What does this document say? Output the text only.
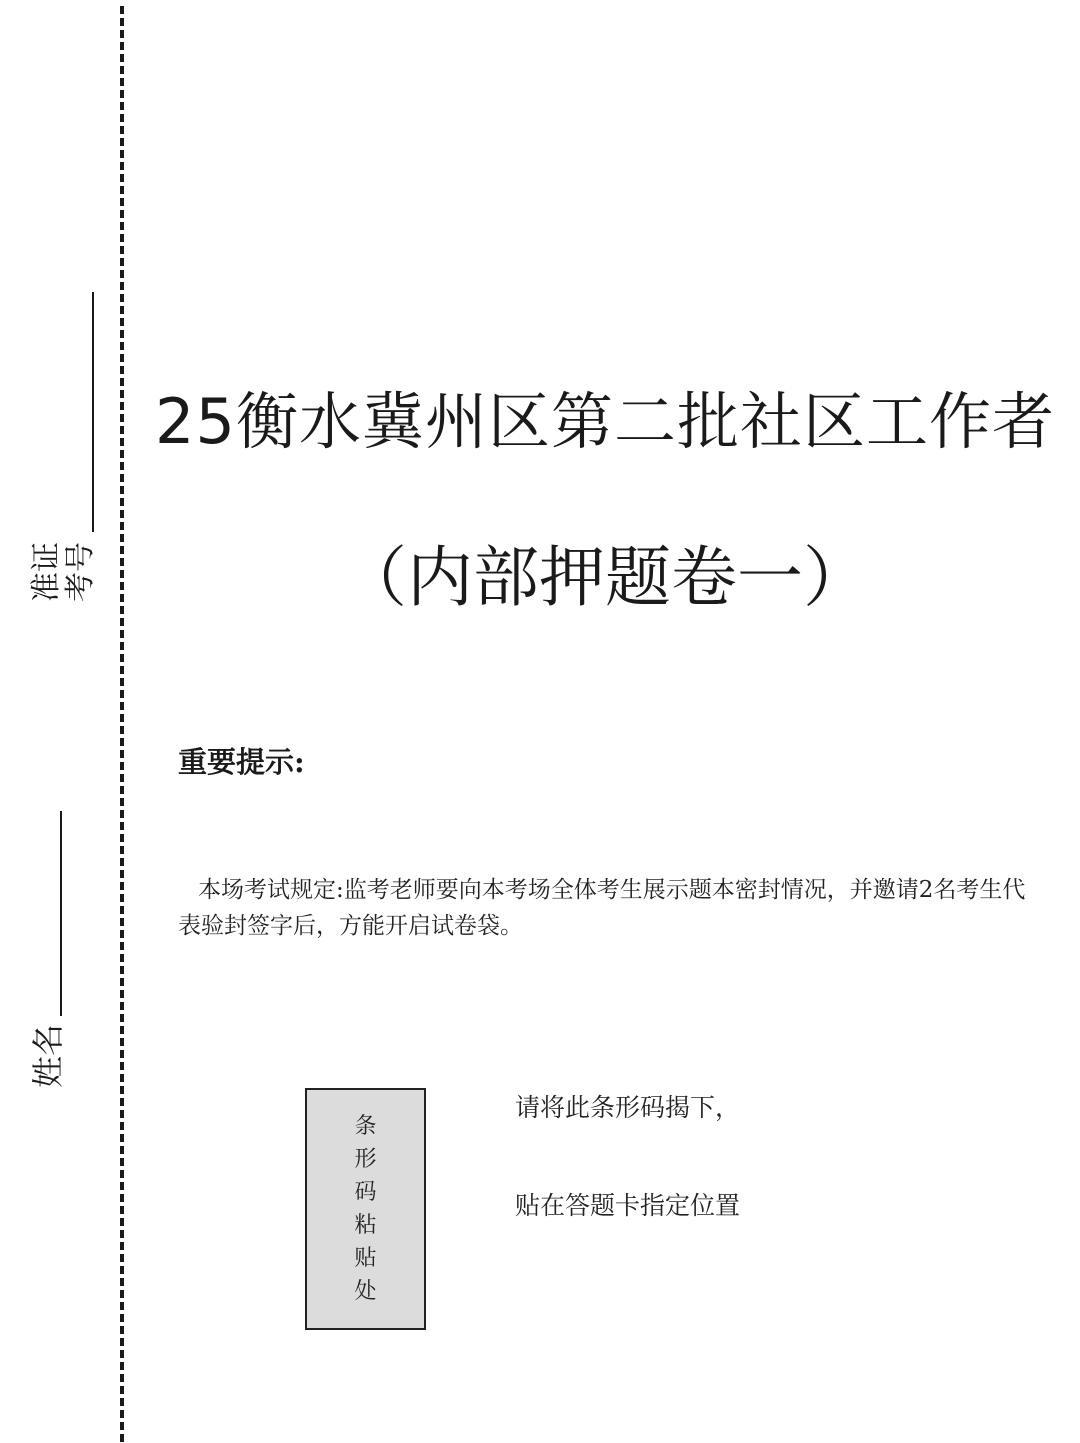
准证考号
姓名
25衡水冀州区第二批社区工作者
（内部押题卷一）
重要提示:
本场考试规定:监考老师要向本考场全体考生展示题本密封情况，并邀请2名考生代表验封签字后，方能开启试卷袋。
条
形
码
粘
贴
处
请将此条形码揭下，
贴在答题卡指定位置
